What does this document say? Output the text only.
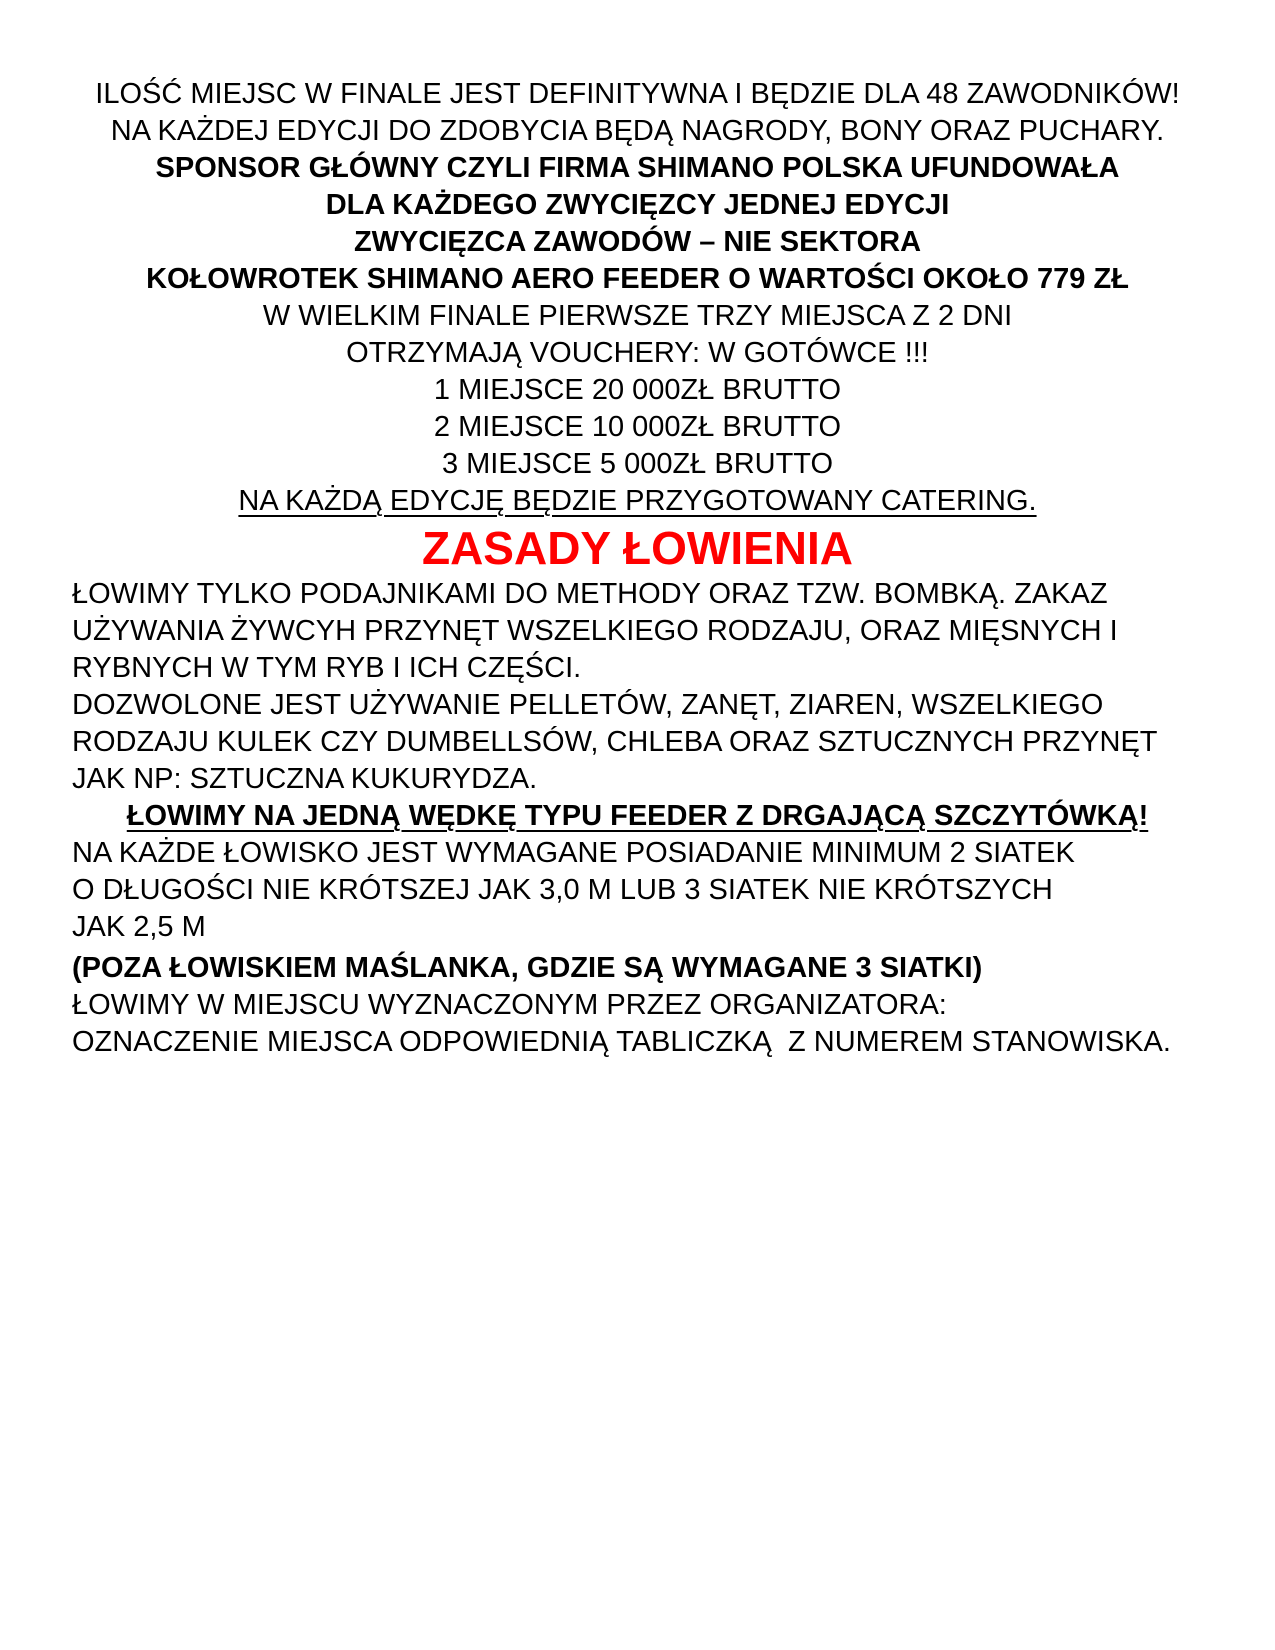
ILOŚĆ MIEJSC W FINALE JEST DEFINITYWNA I BĘDZIE DLA 48 ZAWODNIKÓW!

NA KAŻDEJ EDYCJI DO ZDOBYCIA BĘDĄ NAGRODY, BONY ORAZ PUCHARY.

SPONSOR GŁÓWNY CZYLI FIRMA SHIMANO POLSKA UFUNDOWAŁA
DLA KAŻDEGO ZWYCIĘZCY JEDNEJ EDYCJI
ZWYCIĘZCA ZAWODÓW – NIE SEKTORA
KOŁOWROTEK SHIMANO AERO FEEDER O WARTOŚCI OKOŁO 779 ZŁ
W WIELKIM FINALE PIERWSZE TRZY MIEJSCA Z 2 DNI
OTRZYMAJĄ VOUCHERY: W GOTÓWCE !!!

1 MIEJSCE 20 000ZŁ BRUTTO

2 MIEJSCE 10 000ZŁ BRUTTO

3 MIEJSCE 5 000ZŁ BRUTTO

NA KAŻDĄ EDYCJĘ BĘDZIE PRZYGOTOWANY CATERING.

ZASADY ŁOWIENIA
ŁOWIMY TYLKO PODAJNIKAMI DO METHODY ORAZ TZW. BOMBKĄ. ZAKAZ
UŻYWANIA ŻYWCYH PRZYNĘT WSZELKIEGO RODZAJU, ORAZ MIĘSNYCH I
RYBNYCH W TYM RYB I ICH CZĘŚCI.
DOZWOLONE JEST UŻYWANIE PELLETÓW, ZANĘT, ZIAREN, WSZELKIEGO
RODZAJU KULEK CZY DUMBELLSÓW, CHLEBA ORAZ SZTUCZNYCH PRZYNĘT
JAK NP: SZTUCZNA KUKURYDZA.

ŁOWIMY NA JEDNĄ WĘDKĘ TYPU FEEDER Z DRGAJĄCĄ SZCZYTÓWKĄ!

NA KAŻDE ŁOWISKO JEST WYMAGANE POSIADANIE MINIMUM 2 SIATEK
O DŁUGOŚCI NIE KRÓTSZEJ JAK 3,0 M LUB 3 SIATEK NIE KRÓTSZYCH
JAK 2,5 M
(POZA ŁOWISKIEM MAŚLANKA, GDZIE SĄ WYMAGANE 3 SIATKI)
ŁOWIMY W MIEJSCU WYZNACZONYM PRZEZ ORGANIZATORA:
OZNACZENIE MIEJSCA ODPOWIEDNIĄ TABLICZKĄ  Z NUMEREM STANOWISKA.
